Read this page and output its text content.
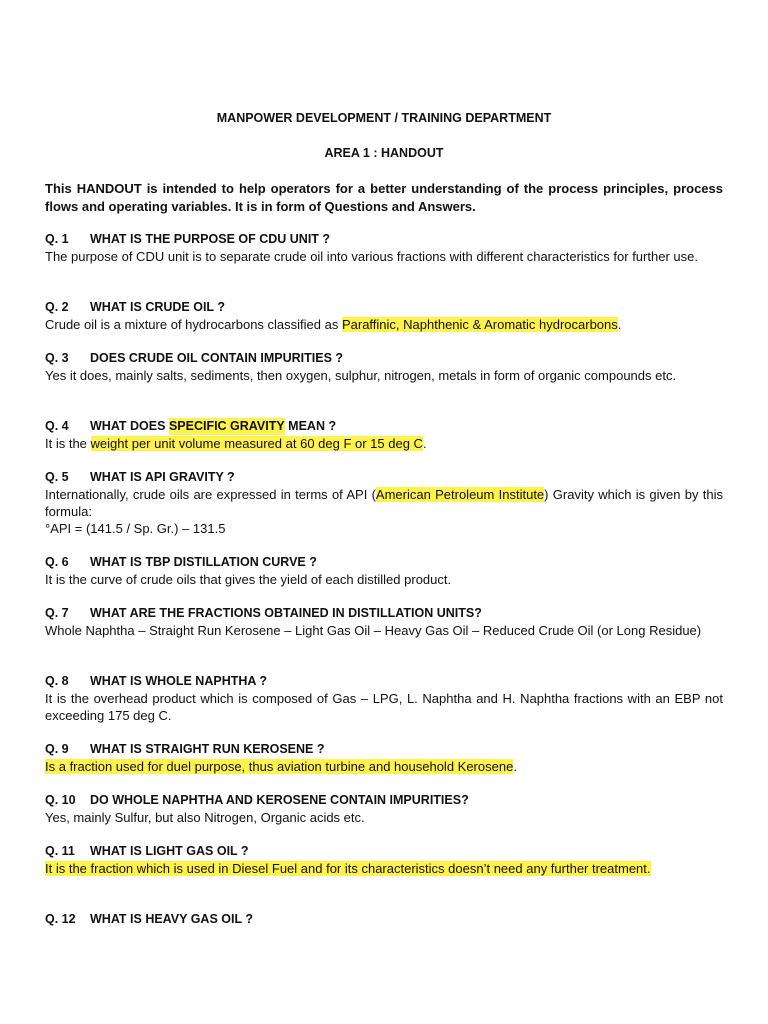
MANPOWER DEVELOPMENT / TRAINING DEPARTMENT
AREA 1 : HANDOUT
This HANDOUT is intended to help operators for a better understanding of the process principles, process
flows and operating variables. It is in form of Questions and Answers.
Q. 1	WHAT IS THE PURPOSE OF CDU UNIT ?
The purpose of CDU unit is to separate crude oil into various fractions with different characteristics for further use.
Q. 2	WHAT IS CRUDE OIL ?
Crude oil is a mixture of hydrocarbons classified as Paraffinic, Naphthenic & Aromatic hydrocarbons.
Q. 3	DOES CRUDE OIL CONTAIN IMPURITIES ?
Yes it does, mainly salts, sediments, then oxygen, sulphur, nitrogen, metals in form of organic compounds etc.
Q. 4	WHAT DOES SPECIFIC GRAVITY MEAN ?
It is the weight per unit volume measured at 60 deg F or 15 deg C.
Q. 5	WHAT IS API GRAVITY ?
Internationally, crude oils are expressed in terms of API (American Petroleum Institute) Gravity which is given by this formula:
°API = (141.5 / Sp. Gr.) – 131.5
Q. 6	WHAT IS TBP DISTILLATION CURVE ?
It is the curve of crude oils that gives the yield of each distilled product.
Q. 7	WHAT ARE THE FRACTIONS OBTAINED IN DISTILLATION UNITS?
Whole Naphtha – Straight Run Kerosene – Light Gas Oil – Heavy Gas Oil – Reduced Crude Oil (or Long Residue)
Q. 8	WHAT IS WHOLE NAPHTHA ?
It is the overhead product which is composed of Gas – LPG, L. Naphtha and H. Naphtha fractions with an EBP not exceeding 175 deg C.
Q. 9	WHAT IS STRAIGHT RUN KEROSENE ?
Is a fraction used for duel purpose, thus aviation turbine and household Kerosene.
Q. 10	DO WHOLE NAPHTHA AND KEROSENE CONTAIN IMPURITIES?
Yes, mainly Sulfur, but also Nitrogen, Organic acids etc.
Q. 11	WHAT IS LIGHT GAS OIL ?
It is the fraction which is used in Diesel Fuel and for its characteristics doesn’t need any further treatment.
Q. 12	WHAT IS HEAVY GAS OIL ?
